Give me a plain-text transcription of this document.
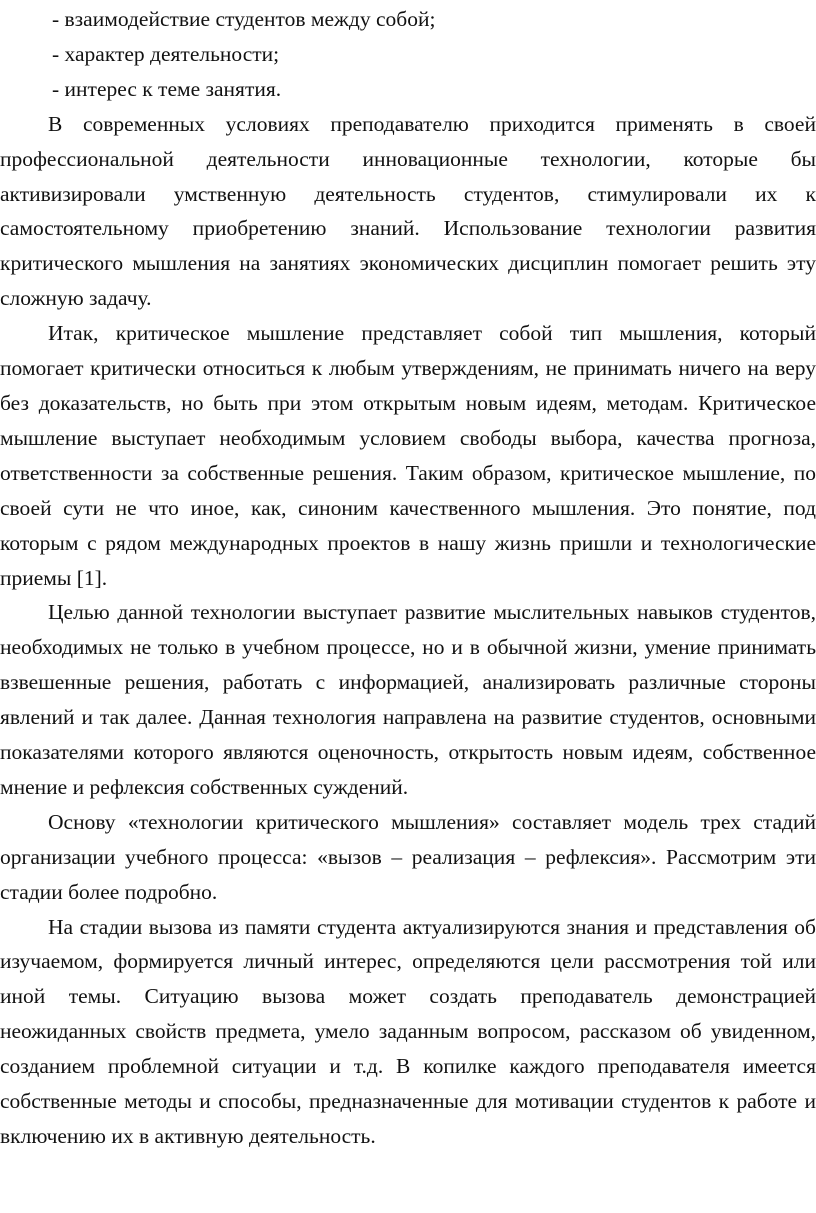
- взаимодействие студентов между собой;
- характер деятельности;
- интерес к теме занятия.

В современных условиях преподавателю приходится применять в своей профессиональной деятельности инновационные технологии, которые бы активизировали умственную деятельность студентов, стимулировали их к самостоятельному приобретению знаний. Использование технологии развития критического мышления на занятиях экономических дисциплин помогает решить эту сложную задачу.

Итак, критическое мышление представляет собой тип мышления, который помогает критически относиться к любым утверждениям, не принимать ничего на веру без доказательств, но быть при этом открытым новым идеям, методам. Критическое мышление выступает необходимым условием свободы выбора, качества прогноза, ответственности за собственные решения. Таким образом, критическое мышление, по своей сути не что иное, как, синоним качественного мышления. Это понятие, под которым с рядом международных проектов в нашу жизнь пришли и технологические приемы [1].

Целью данной технологии выступает развитие мыслительных навыков студентов, необходимых не только в учебном процессе, но и в обычной жизни, умение принимать взвешенные решения, работать с информацией, анализировать различные стороны явлений и так далее. Данная технология направлена на развитие студентов, основными показателями которого являются оценочность, открытость новым идеям, собственное мнение и рефлексия собственных суждений.

Основу «технологии критического мышления» составляет модель трех стадий организации учебного процесса: «вызов – реализация – рефлексия». Рассмотрим эти стадии более подробно.

На стадии вызова из памяти студента актуализируются знания и представления об изучаемом, формируется личный интерес, определяются цели рассмотрения той или иной темы. Ситуацию вызова может создать преподаватель демонстрацией неожиданных свойств предмета, умело заданным вопросом, рассказом об увиденном, созданием проблемной ситуации и т.д. В копилке каждого преподавателя имеется собственные методы и способы, предназначенные для мотивации студентов к работе и включению их в активную деятельность.
